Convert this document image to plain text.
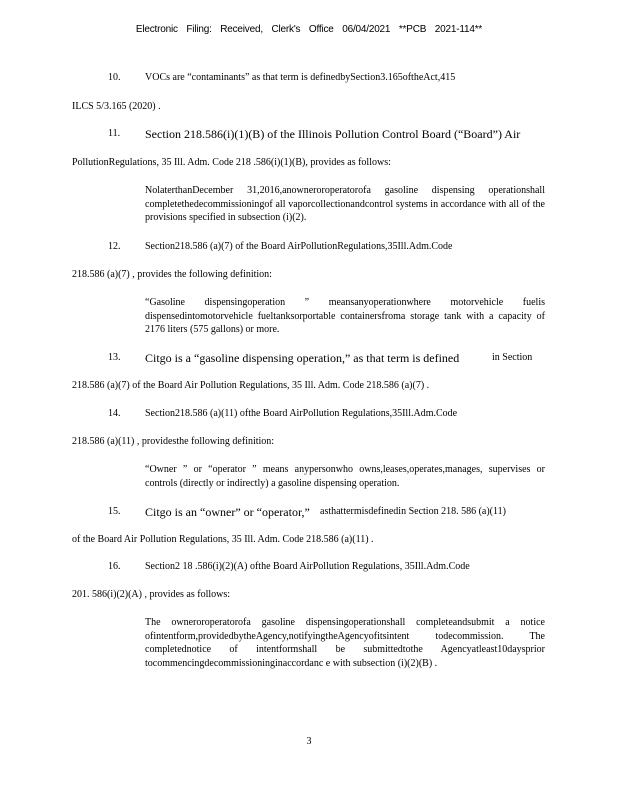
Electronic Filing: Received, Clerk's Office 06/04/2021 **PCB 2021-114**
10. VOCs are “contaminants” as that term is definedbySection3.165oftheAct,415
ILCS 5/3.165 (2020) .
11. Section 218.586(i)(1)(B) of the Illinois Pollution Control Board (“Board”) Air
PollutionRegulations, 35 Ill. Adm. Code 218 .586(i)(1)(B), provides as follows:
NolaterthanDecember 31,2016,anowneroroperatorofa gasoline dispensing operationshall completethedecommissioningof all vaporcollectionandcontrol systems in accordance with all of the provisions specified in subsection (i)(2).
12. Section218.586 (a)(7) of the Board AirPollutionRegulations,35Ill.Adm.Code
218.586 (a)(7) , provides the following definition:
“Gasoline dispensingoperation ” meansanyoperationwhere motorvehicle fuelis dispensedintomotorvehicle fueltanksorportable containersfroma storage tank with a capacity of 2176 liters (575 gallons) or more.
13. Citgo is a “gasoline dispensing operation,” as that term is defined	in Section
218.586 (a)(7) of the Board Air Pollution Regulations, 35 Ill. Adm. Code 218.586 (a)(7) .
14. Section218.586 (a)(11) ofthe Board AirPollution Regulations,35Ill.Adm.Code
218.586 (a)(11) , providesthe following definition:
“Owner ” or “operator ” means anypersonwho owns,leases,operates,manages, supervises or controls (directly or indirectly) a gasoline dispensing operation.
15. Citgo is an “owner” or “operator,” asthattermisdefinedin Section 218. 586 (a)(11)
of the Board Air Pollution Regulations, 35 Ill. Adm. Code 218.586 (a)(11) .
16. Section2 18 .586(i)(2)(A) ofthe Board AirPollution Regulations, 35Ill.Adm.Code
201. 586(i)(2)(A) , provides as follows:
The owneroroperatorofa gasoline dispensingoperationshall completeandsubmit a notice ofintentform,providedbytheAgency,notifyingtheAgencyofitsintent todecommission. The completednotice of intentformshall be submittedtothe Agencyatleast10daysprior tocommencingdecommissioninginaccordanc e with subsection (i)(2)(B) .
3
